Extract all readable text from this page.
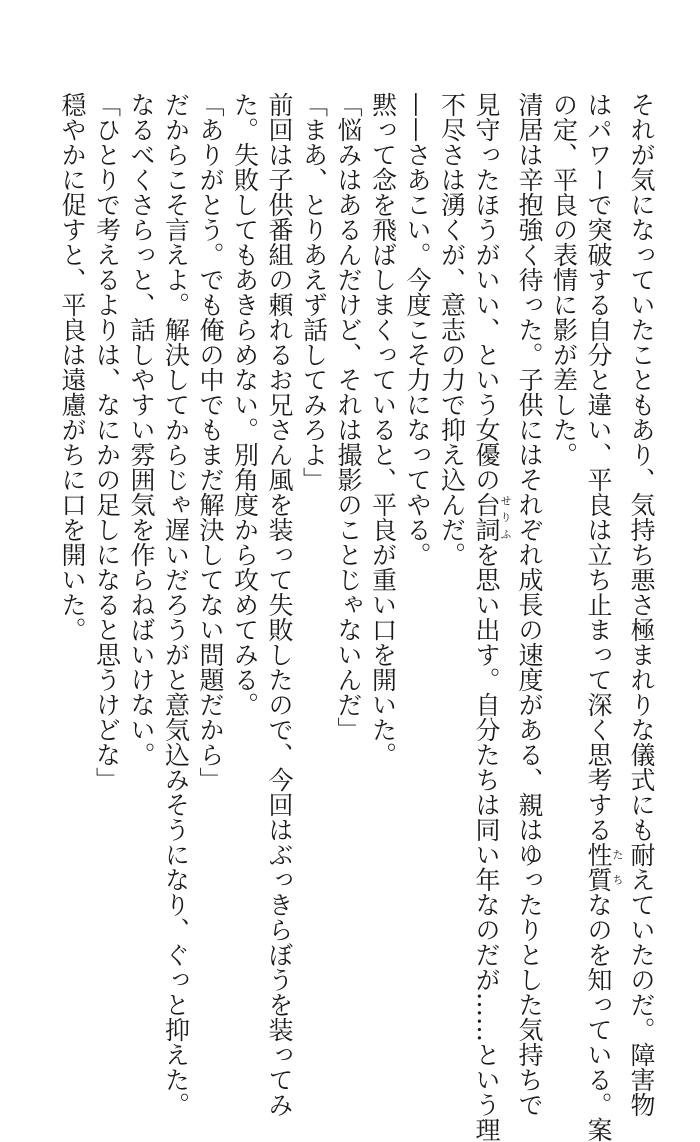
それが気になっていたこともあり、気持ち悪さ極まれりな儀式にも耐えていたのだ。障害物
はパワーで突破する自分と違い、平良は立ち止まって深く思考する性質たちなのを知っている。案
の定、平良の表情に影が差した。
清居は辛抱強く待った。子供にはそれぞれ成長の速度がある、親はゆったりとした気持ちで
見守ったほうがいい、という女優の台詞せりふを思い出す。自分たちは同い年なのだが……という理
不尽さは湧くが、意志の力で抑え込んだ。
——さあこい。今度こそ力になってやる。
黙って念を飛ばしまくっていると、平良が重い口を開いた。
「悩みはあるんだけど、それは撮影のことじゃないんだ」
「まあ、とりあえず話してみろよ」
前回は子供番組の頼れるお兄さん風を装って失敗したので、今回はぶっきらぼうを装ってみ
た。失敗してもあきらめない。別角度から攻めてみる。
「ありがとう。でも俺の中でもまだ解決してない問題だから」
だからこそ言えよ。解決してからじゃ遅いだろうがと意気込みそうになり、ぐっと抑えた。
なるべくさらっと、話しやすい雰囲気を作らねばいけない。
「ひとりで考えるよりは、なにかの足しになると思うけどな」
穏やかに促すと、平良は遠慮がちに口を開いた。
